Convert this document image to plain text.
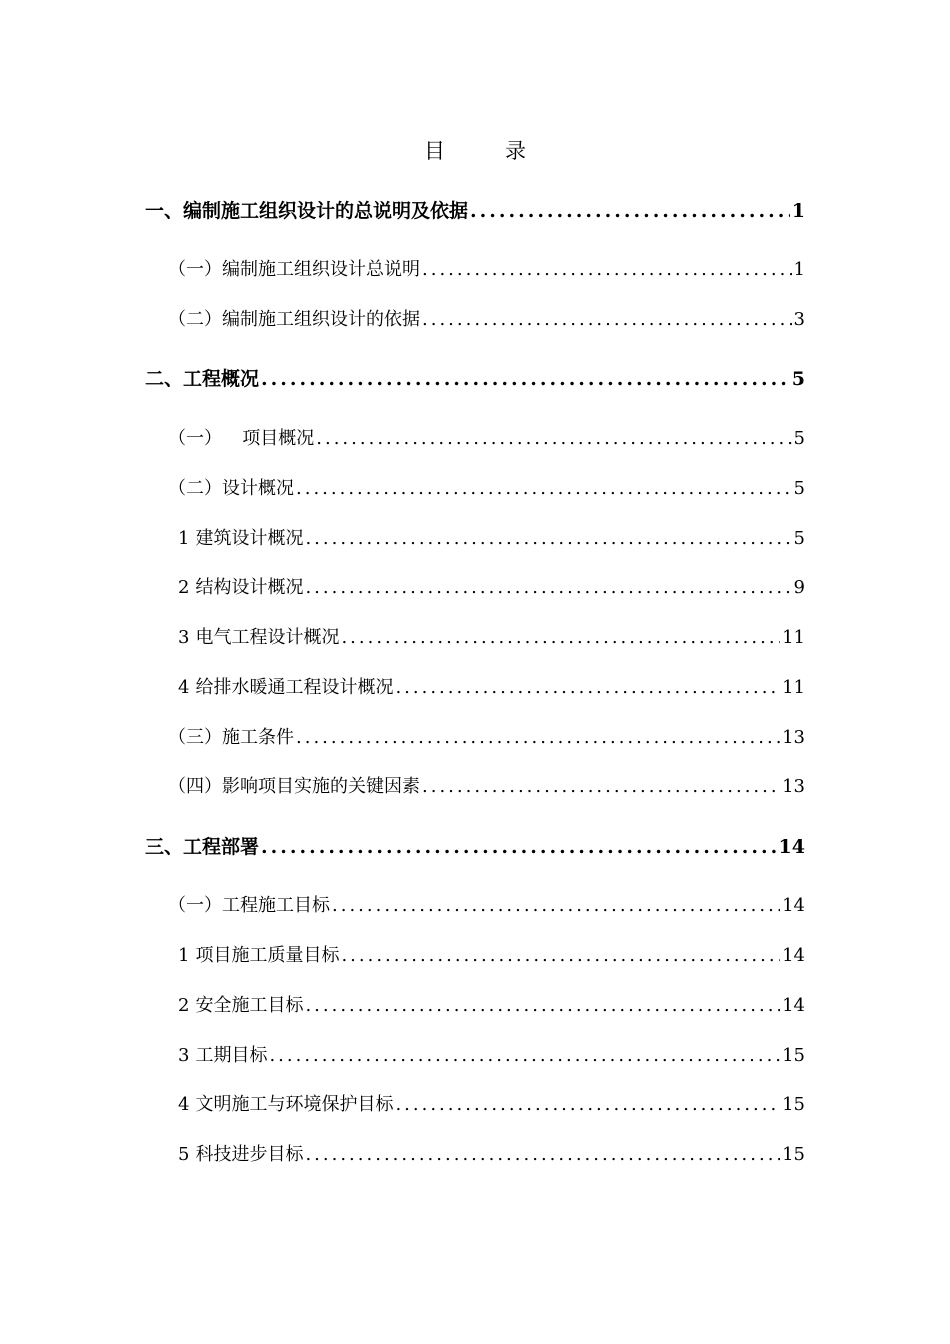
目录
一、编制施工组织设计的总说明及依据 .....	1
（一）编制施工组织设计总说明 .....	1
（二）编制施工组织设计的依据 .....	3
二、工程概况 .....	5
（一） 项目概况 .....	5
（二）设计概况 .....	5
1 建筑设计概况 .....	5
2 结构设计概况 .....	9
3 电气工程设计概况 .....	11
4 给排水暖通工程设计概况 .....	11
（三）施工条件 .....	13
（四）影响项目实施的关键因素 .....	13
三、工程部署 .....	14
（一）工程施工目标 .....	14
1 项目施工质量目标 .....	14
2 安全施工目标 .....	14
3 工期目标 .....	15
4 文明施工与环境保护目标 .....	15
5 科技进步目标 .....	15
